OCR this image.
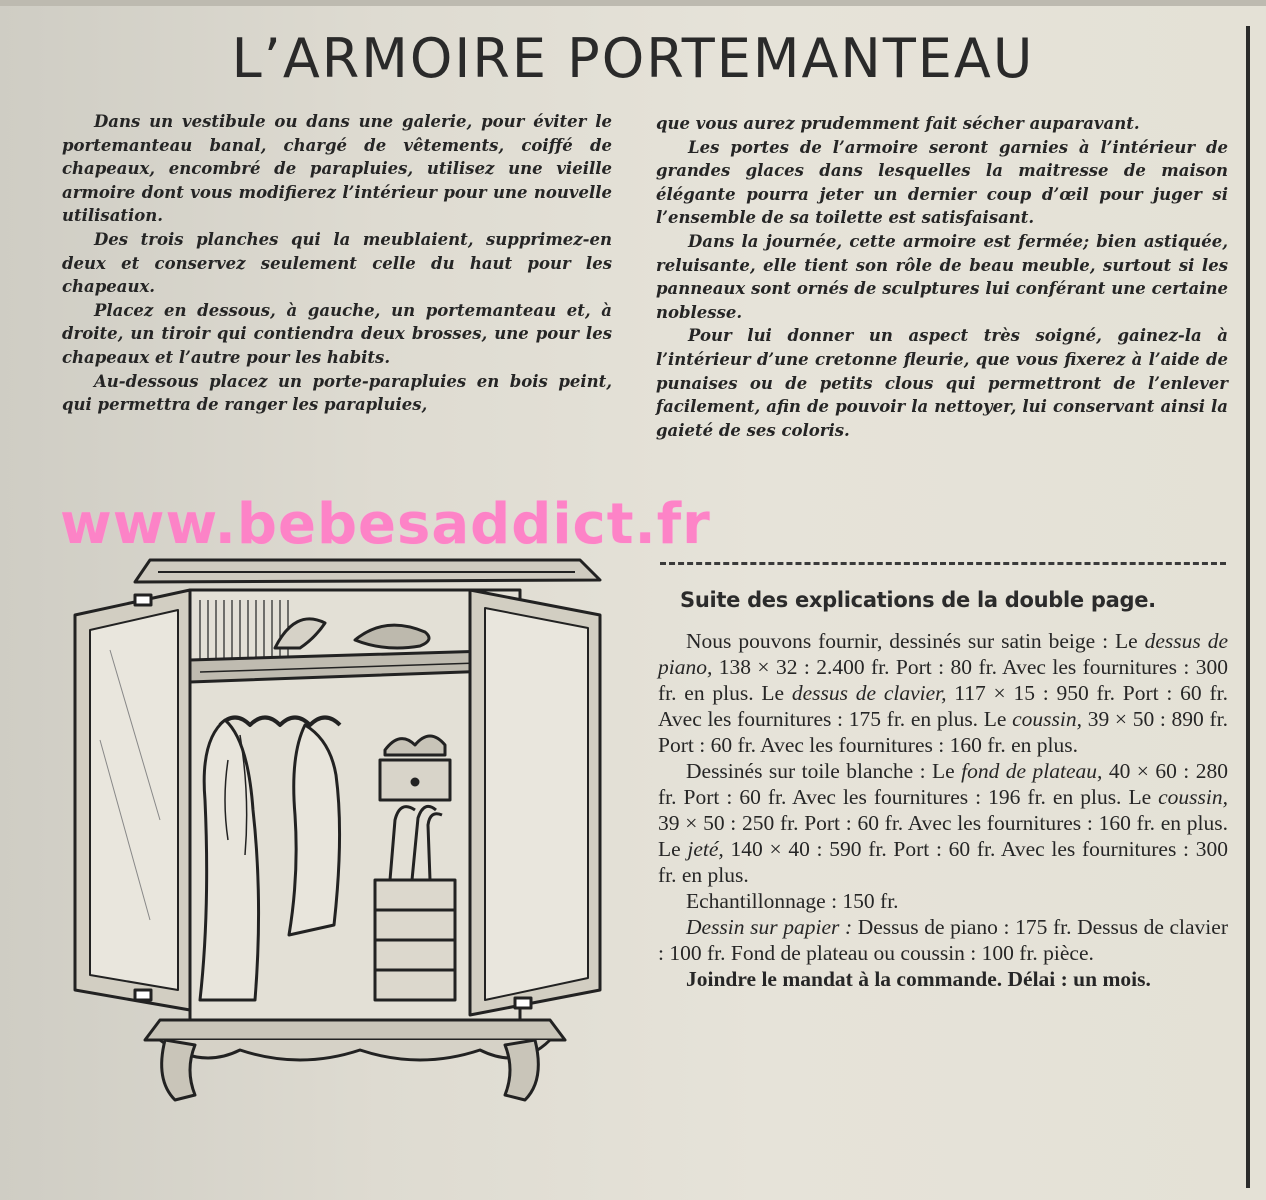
L’ARMOIRE PORTEMANTEAU

Dans un vestibule ou dans une galerie, pour éviter le portemanteau banal, chargé de vêtements, coiffé de chapeaux, encombré de parapluies, utilisez une vieille armoire dont vous modifierez l’intérieur pour une nouvelle utilisation.

Des trois planches qui la meublaient, supprimez-en deux et conservez seulement celle du haut pour les chapeaux.

Placez en dessous, à gauche, un portemanteau et, à droite, un tiroir qui contiendra deux brosses, une pour les chapeaux et l’autre pour les habits.

Au-dessous placez un porte-parapluies en bois peint, qui permettra de ranger les parapluies,

que vous aurez prudemment fait sécher auparavant.

Les portes de l’armoire seront garnies à l’intérieur de grandes glaces dans lesquelles la maitresse de maison élégante pourra jeter un dernier coup d’œil pour juger si l’ensemble de sa toilette est satisfaisant.

Dans la journée, cette armoire est fermée; bien astiquée, reluisante, elle tient son rôle de beau meuble, surtout si les panneaux sont ornés de sculptures lui conférant une certaine noblesse.

Pour lui donner un aspect très soigné, gainez-la à l’intérieur d’une cretonne fleurie, que vous fixerez à l’aide de punaises ou de petits clous qui permettront de l’enlever facilement, afin de pouvoir la nettoyer, lui conservant ainsi la gaieté de ses coloris.

Suite des explications de la double page.

Nous pouvons fournir, dessinés sur satin beige : Le dessus de piano, 138 × 32 : 2.400 fr. Port : 80 fr. Avec les fournitures : 300 fr. en plus. Le dessus de clavier, 117 × 15 : 950 fr. Port : 60 fr. Avec les fournitures : 175 fr. en plus. Le coussin, 39 × 50 : 890 fr. Port : 60 fr. Avec les fournitures : 160 fr. en plus.

Dessinés sur toile blanche : Le fond de plateau, 40 × 60 : 280 fr. Port : 60 fr. Avec les fournitures : 196 fr. en plus. Le coussin, 39 × 50 : 250 fr. Port : 60 fr. Avec les fournitures : 160 fr. en plus. Le jeté, 140 × 40 : 590 fr. Port : 60 fr. Avec les fournitures : 300 fr. en plus.

Echantillonnage : 150 fr.

Dessin sur papier : Dessus de piano : 175 fr. Dessus de clavier : 100 fr. Fond de plateau ou coussin : 100 fr. pièce.

Joindre le mandat à la commande. Délai : un mois.

www.bebesaddict.fr
